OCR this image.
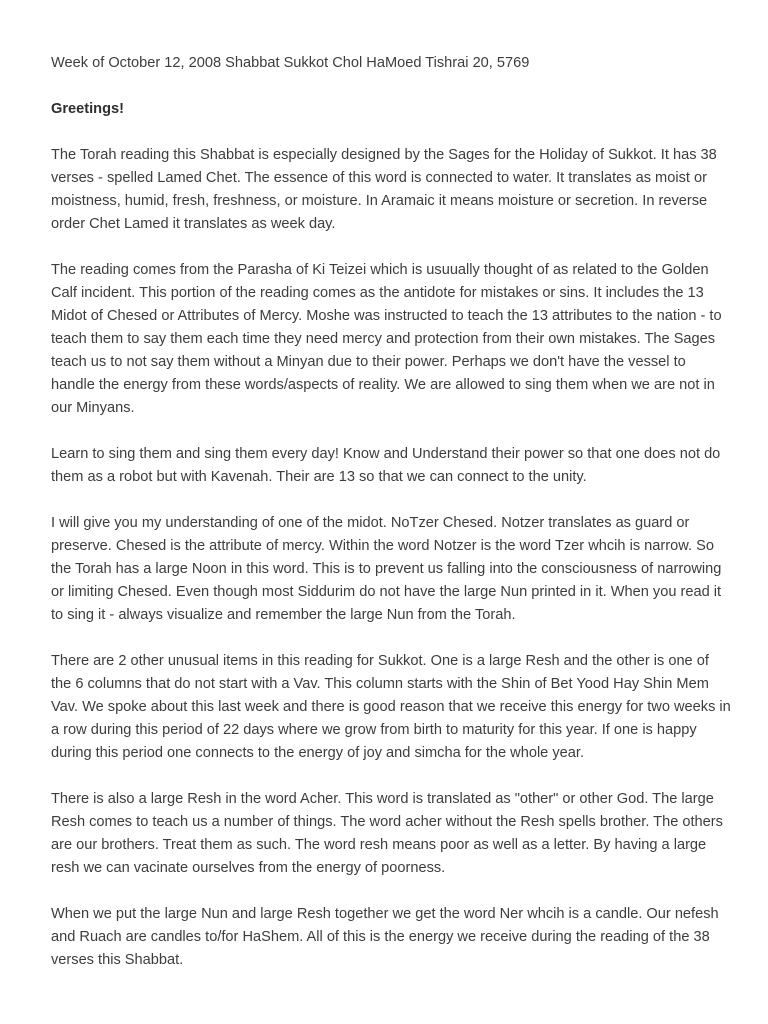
Week of October 12, 2008 Shabbat Sukkot Chol HaMoed Tishrai 20, 5769

Greetings!

The Torah reading this Shabbat is especially designed by the Sages for the Holiday of Sukkot. It has 38 verses - spelled Lamed Chet. The essence of this word is connected to water. It translates as moist or moistness, humid, fresh, freshness, or moisture. In Aramaic it means moisture or secretion. In reverse order Chet Lamed it translates as week day.

The reading comes from the Parasha of Ki Teizei which is usuually thought of as related to the Golden Calf incident. This portion of the reading comes as the antidote for mistakes or sins. It includes the 13 Midot of Chesed or Attributes of Mercy. Moshe was instructed to teach the 13 attributes to the nation - to teach them to say them each time they need mercy and protection from their own mistakes. The Sages teach us to not say them without a Minyan due to their power. Perhaps we don't have the vessel to handle the energy from these words/aspects of reality. We are allowed to sing them when we are not in our Minyans.

Learn to sing them and sing them every day! Know and Understand their power so that one does not do them as a robot but with Kavenah. Their are 13 so that we can connect to the unity.

I will give you my understanding of one of the midot. NoTzer Chesed. Notzer translates as guard or preserve. Chesed is the attribute of mercy. Within the word Notzer is the word Tzer whcih is narrow. So the Torah has a large Noon in this word. This is to prevent us falling into the consciousness of narrowing or limiting Chesed. Even though most Siddurim do not have the large Nun printed in it. When you read it to sing it - always visualize and remember the large Nun from the Torah.

There are 2 other unusual items in this reading for Sukkot. One is a large Resh and the other is one of the 6 columns that do not start with a Vav. This column starts with the Shin of Bet Yood Hay Shin Mem Vav. We spoke about this last week and there is good reason that we receive this energy for two weeks in a row during this period of 22 days where we grow from birth to maturity for this year. If one is happy during this period one connects to the energy of joy and simcha for the whole year.

There is also a large Resh in the word Acher. This word is translated as "other" or other God. The large Resh comes to teach us a number of things. The word acher without the Resh spells brother. The others are our brothers. Treat them as such. The word resh means poor as well as a letter. By having a large resh we can vacinate ourselves from the energy of poorness.

When we put the large Nun and large Resh together we get the word Ner whcih is a candle. Our nefesh and Ruach are candles to/for HaShem. All of this is the energy we receive during the reading of the 38 verses this Shabbat.
